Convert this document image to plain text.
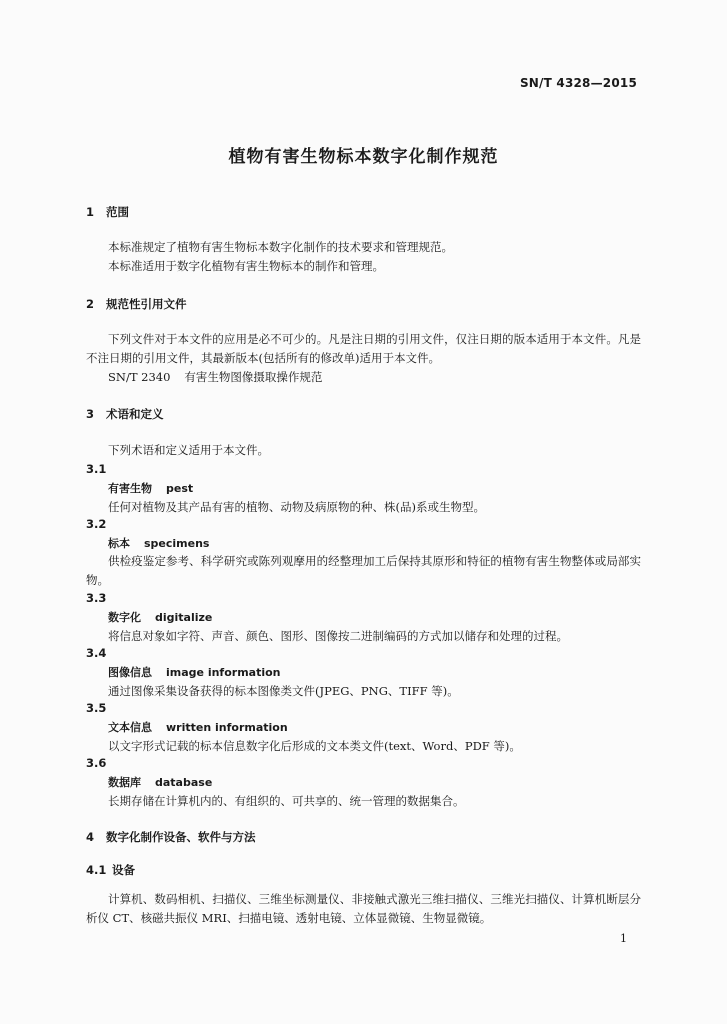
SN/T 4328—2015
植物有害生物标本数字化制作规范
1 范围
本标准规定了植物有害生物标本数字化制作的技术要求和管理规范。
本标准适用于数字化植物有害生物标本的制作和管理。
2 规范性引用文件
下列文件对于本文件的应用是必不可少的。凡是注日期的引用文件，仅注日期的版本适用于本文件。凡是不注日期的引用文件，其最新版本(包括所有的修改单)适用于本文件。
SN/T 2340 有害生物图像摄取操作规范
3 术语和定义
下列术语和定义适用于本文件。
3.1
有害生物 pest
任何对植物及其产品有害的植物、动物及病原物的种、株(品)系或生物型。
3.2
标本 specimens
供检疫鉴定参考、科学研究或陈列观摩用的经整理加工后保持其原形和特征的植物有害生物整体或局部实物。
3.3
数字化 digitalize
将信息对象如字符、声音、颜色、图形、图像按二进制编码的方式加以储存和处理的过程。
3.4
图像信息 image information
通过图像采集设备获得的标本图像类文件(JPEG、PNG、TIFF 等)。
3.5
文本信息 written information
以文字形式记载的标本信息数字化后形成的文本类文件(text、Word、PDF 等)。
3.6
数据库 database
长期存储在计算机内的、有组织的、可共享的、统一管理的数据集合。
4 数字化制作设备、软件与方法
4.1 设备
计算机、数码相机、扫描仪、三维坐标测量仪、非接触式激光三维扫描仪、三维光扫描仪、计算机断层分析仪 CT、核磁共振仪 MRI、扫描电镜、透射电镜、立体显微镜、生物显微镜。
1
